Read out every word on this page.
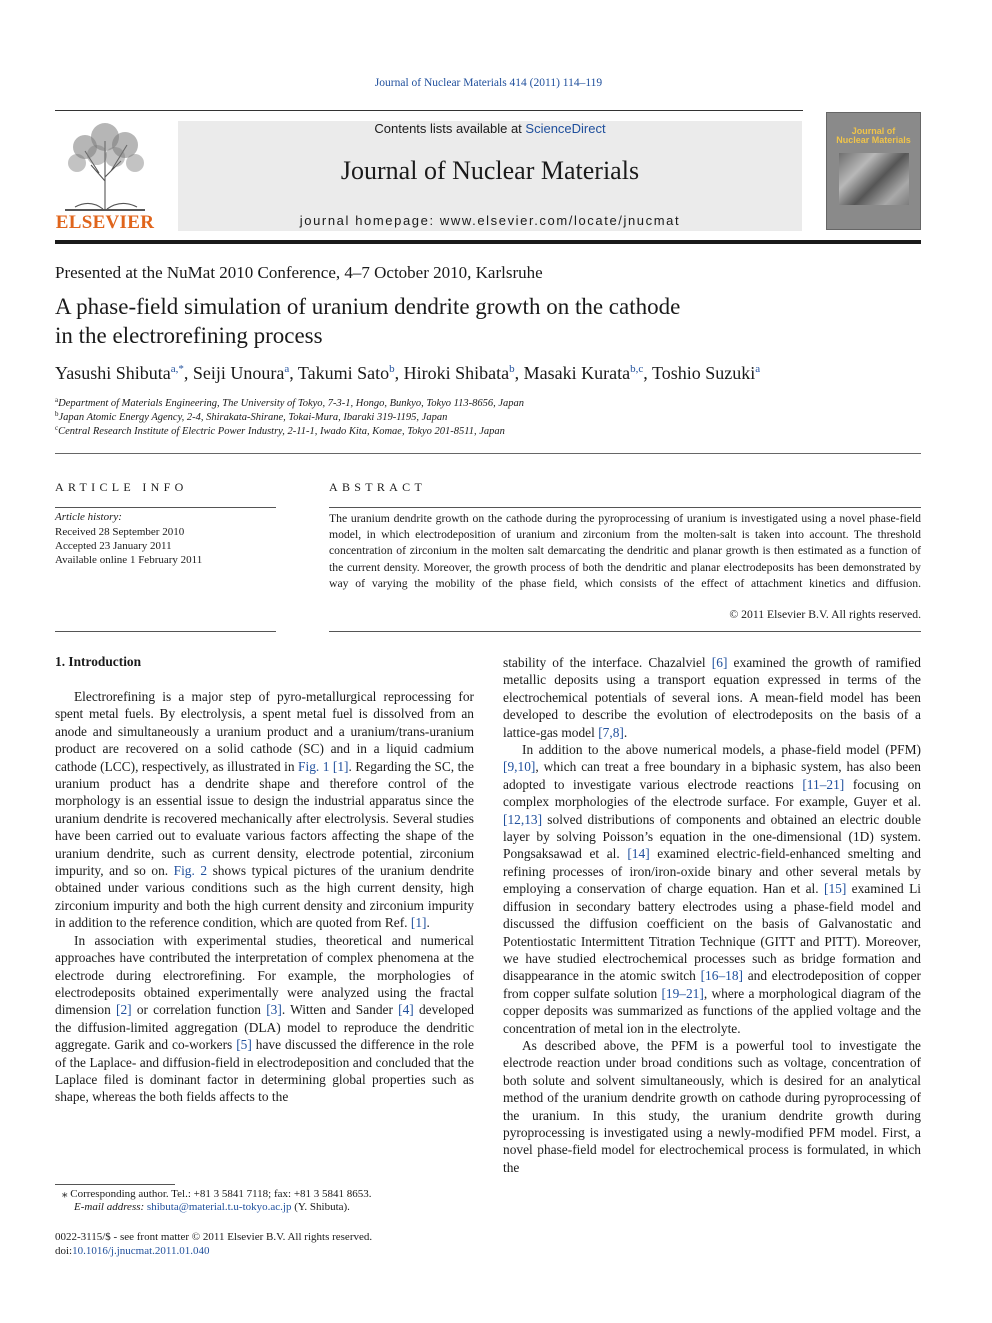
Journal of Nuclear Materials 414 (2011) 114–119
ELSEVIER
Contents lists available at ScienceDirect
Journal of Nuclear Materials
journal homepage: www.elsevier.com/locate/jnucmat
Journal of
Nuclear Materials
Presented at the NuMat 2010 Conference, 4–7 October 2010, Karlsruhe
A phase-field simulation of uranium dendrite growth on the cathode
in the electrorefining process
Yasushi Shibuta$^{a,*}$, Seiji Unoura$^a$, Takumi Sato$^b$, Hiroki Shibata$^b$, Masaki Kurata$^{b,c}$, Toshio Suzuki$^a$
$^a$Department of Materials Engineering, The University of Tokyo, 7-3-1, Hongo, Bunkyo, Tokyo 113-8656, Japan
$^b$Japan Atomic Energy Agency, 2-4, Shirakata-Shirane, Tokai-Mura, Ibaraki 319-1195, Japan
$^c$Central Research Institute of Electric Power Industry, 2-11-1, Iwado Kita, Komae, Tokyo 201-8511, Japan
ARTICLE INFO
Article history:
Received 28 September 2010
Accepted 23 January 2011
Available online 1 February 2011
ABSTRACT
The uranium dendrite growth on the cathode during the pyroprocessing of uranium is investigated using a novel phase-field model, in which electrodeposition of uranium and zirconium from the molten-salt is taken into account. The threshold concentration of zirconium in the molten salt demarcating the dendritic and planar growth is then estimated as a function of the current density. Moreover, the growth process of both the dendritic and planar electrodeposits has been demonstrated by way of varying the mobility of the phase field, which consists of the effect of attachment kinetics and diffusion.
© 2011 Elsevier B.V. All rights reserved.
1. Introduction

Electrorefining is a major step of pyro-metallurgical reprocessing for spent metal fuels. By electrolysis, a spent metal fuel is dissolved from an anode and simultaneously a uranium product and a uranium/trans-uranium product are recovered on a solid cathode (SC) and in a liquid cadmium cathode (LCC), respectively, as illustrated in Fig. 1 [1]. Regarding the SC, the uranium product has a dendrite shape and therefore control of the morphology is an essential issue to design the industrial apparatus since the uranium dendrite is recovered mechanically after electrolysis. Several studies have been carried out to evaluate various factors affecting the shape of the uranium dendrite, such as current density, electrode potential, zirconium impurity, and so on. Fig. 2 shows typical pictures of the uranium dendrite obtained under various conditions such as the high current density, high zirconium impurity and both the high current density and zirconium impurity in addition to the reference condition, which are quoted from Ref. [1].

In association with experimental studies, theoretical and numerical approaches have contributed the interpretation of complex phenomena at the electrode during electrorefining. For example, the morphologies of electrodeposits obtained experimentally were analyzed using the fractal dimension [2] or correlation function [3]. Witten and Sander [4] developed the diffusion-limited aggregation (DLA) model to reproduce the dendritic aggregate. Garik and co-workers [5] have discussed the difference in the role of the Laplace- and diffusion-field in electrodeposition and concluded that the Laplace filed is dominant factor in determining global properties such as shape, whereas the both fields affects to the

stability of the interface. Chazalviel [6] examined the growth of ramified metallic deposits using a transport equation expressed in terms of the electrochemical potentials of several ions. A mean-field model has been developed to describe the evolution of electrodeposits on the basis of a lattice-gas model [7,8].

In addition to the above numerical models, a phase-field model (PFM) [9,10], which can treat a free boundary in a biphasic system, has also been adopted to investigate various electrode reactions [11–21] focusing on complex morphologies of the electrode surface. For example, Guyer et al. [12,13] solved distributions of components and obtained an electric double layer by solving Poisson’s equation in the one-dimensional (1D) system. Pongsaksawad et al. [14] examined electric-field-enhanced smelting and refining processes of iron/iron-oxide binary and other several metals by employing a conservation of charge equation. Han et al. [15] examined Li diffusion in secondary battery electrodes using a phase-field model and discussed the diffusion coefficient on the basis of Galvanostatic and Potentiostatic Intermittent Titration Technique (GITT and PITT). Moreover, we have studied electrochemical processes such as bridge formation and disappearance in the atomic switch [16–18] and electrodeposition of copper from copper sulfate solution [19–21], where a morphological diagram of the copper deposits was summarized as functions of the applied voltage and the concentration of metal ion in the electrolyte.

As described above, the PFM is a powerful tool to investigate the electrode reaction under broad conditions such as voltage, concentration of both solute and solvent simultaneously, which is desired for an analytical method of the uranium dendrite growth on cathode during pyroprocessing of the uranium. In this study, the uranium dendrite growth during pyroprocessing is investigated using a newly-modified PFM model. First, a novel phase-field model for electrochemical process is formulated, in which the

⁎ Corresponding author. Tel.: +81 3 5841 7118; fax: +81 3 5841 8653.
E-mail address: shibuta@material.t.u-tokyo.ac.jp (Y. Shibuta).
0022-3115/$ - see front matter © 2011 Elsevier B.V. All rights reserved.
doi:10.1016/j.jnucmat.2011.01.040
